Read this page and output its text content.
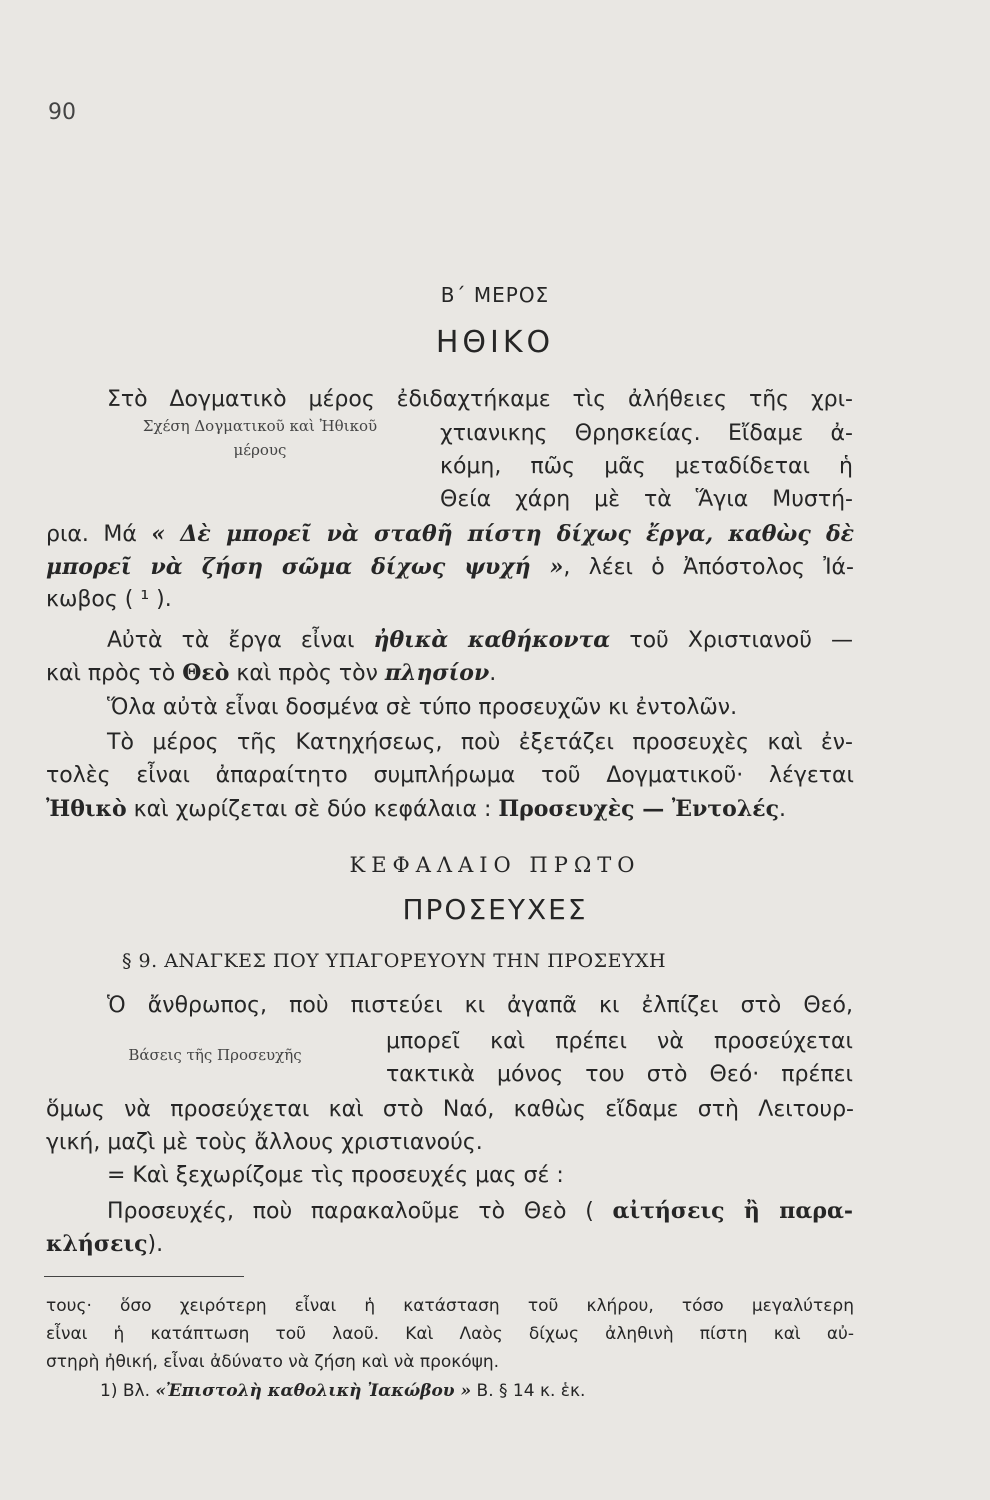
90
Β΄ ΜΕΡΟΣ
ΗΘΙΚΟ
Στὸ Δογματικὸ μέρος ἐδιδαχτήκαμε τὶς ἀλήθειες τῆς χρι-
Σχέση Δογματικοῦ καὶ Ἠθικοῦ
μέρους
χτιανικης Θρησκείας. Εἴδαμε ἀ-
κόμη, πῶς μᾶς μεταδίδεται ἡ
Θεία χάρη μὲ τὰ Ἅγια Μυστή-
ρια. Μά « Δὲ μπορεῖ νὰ σταθῆ πίστη δίχως ἔργα, καθὼς δὲ
μπορεῖ νὰ ζήση σῶμα δίχως ψυχή », λέει ὁ Ἀπόστολος Ἰά-
κωβος ( ¹ ).
Αὐτὰ τὰ ἔργα εἶναι ἠθικὰ καθήκοντα τοῦ Χριστιανοῦ —
καὶ πρὸς τὸ Θεὸ καὶ πρὸς τὸν πλησίον.
Ὅλα αὐτὰ εἶναι δοσμένα σὲ τύπο προσευχῶν κι ἐντολῶν.
Τὸ μέρος τῆς Κατηχήσεως, ποὺ ἐξετάζει προσευχὲς καὶ ἐν-
τολὲς εἶναι ἀπαραίτητο συμπλήρωμα τοῦ Δογματικοῦ· λέγεται
Ἠθικὸ καὶ χωρίζεται σὲ δύο κεφάλαια : Προσευχὲς — Ἐντολές.
ΚΕΦΑΛΑΙΟ ΠΡΩΤΟ
ΠΡΟΣΕΥΧΕΣ
§ 9. ΑΝΑΓΚΕΣ ΠΟΥ ΥΠΑΓΟΡΕΥΟΥΝ ΤΗΝ ΠΡΟΣΕΥΧΗ
Ὁ ἄνθρωπος, ποὺ πιστεύει κι ἀγαπᾶ κι ἐλπίζει στὸ Θεό,
Βάσεις τῆς Προσευχῆς
μπορεῖ καὶ πρέπει νὰ προσεύχεται
τακτικὰ μόνος του στὸ Θεό· πρέπει
ὅμως νὰ προσεύχεται καὶ στὸ Ναό, καθὼς εἴδαμε στὴ Λειτουρ-
γική, μαζὶ μὲ τοὺς ἄλλους χριστιανούς.
= Καὶ ξεχωρίζομε τὶς προσευχές μας σέ :
Προσευχές, ποὺ παρακαλοῦμε τὸ Θεὸ ( αἰτήσεις ἢ παρα-
κλήσεις).
τους· ὅσο χειρότερη εἶναι ἡ κατάσταση τοῦ κλήρου, τόσο μεγαλύτερη
εἶναι ἡ κατάπτωση τοῦ λαοῦ. Καὶ Λαὸς δίχως ἀληθινὴ πίστη καὶ αὐ-
στηρὴ ἠθική, εἶναι ἀδύνατο νὰ ζήση καὶ νὰ προκόψη.
1) Βλ. «Ἐπιστολὴ καθολικὴ Ἰακώβου » Β. § 14 κ. ἑκ.
